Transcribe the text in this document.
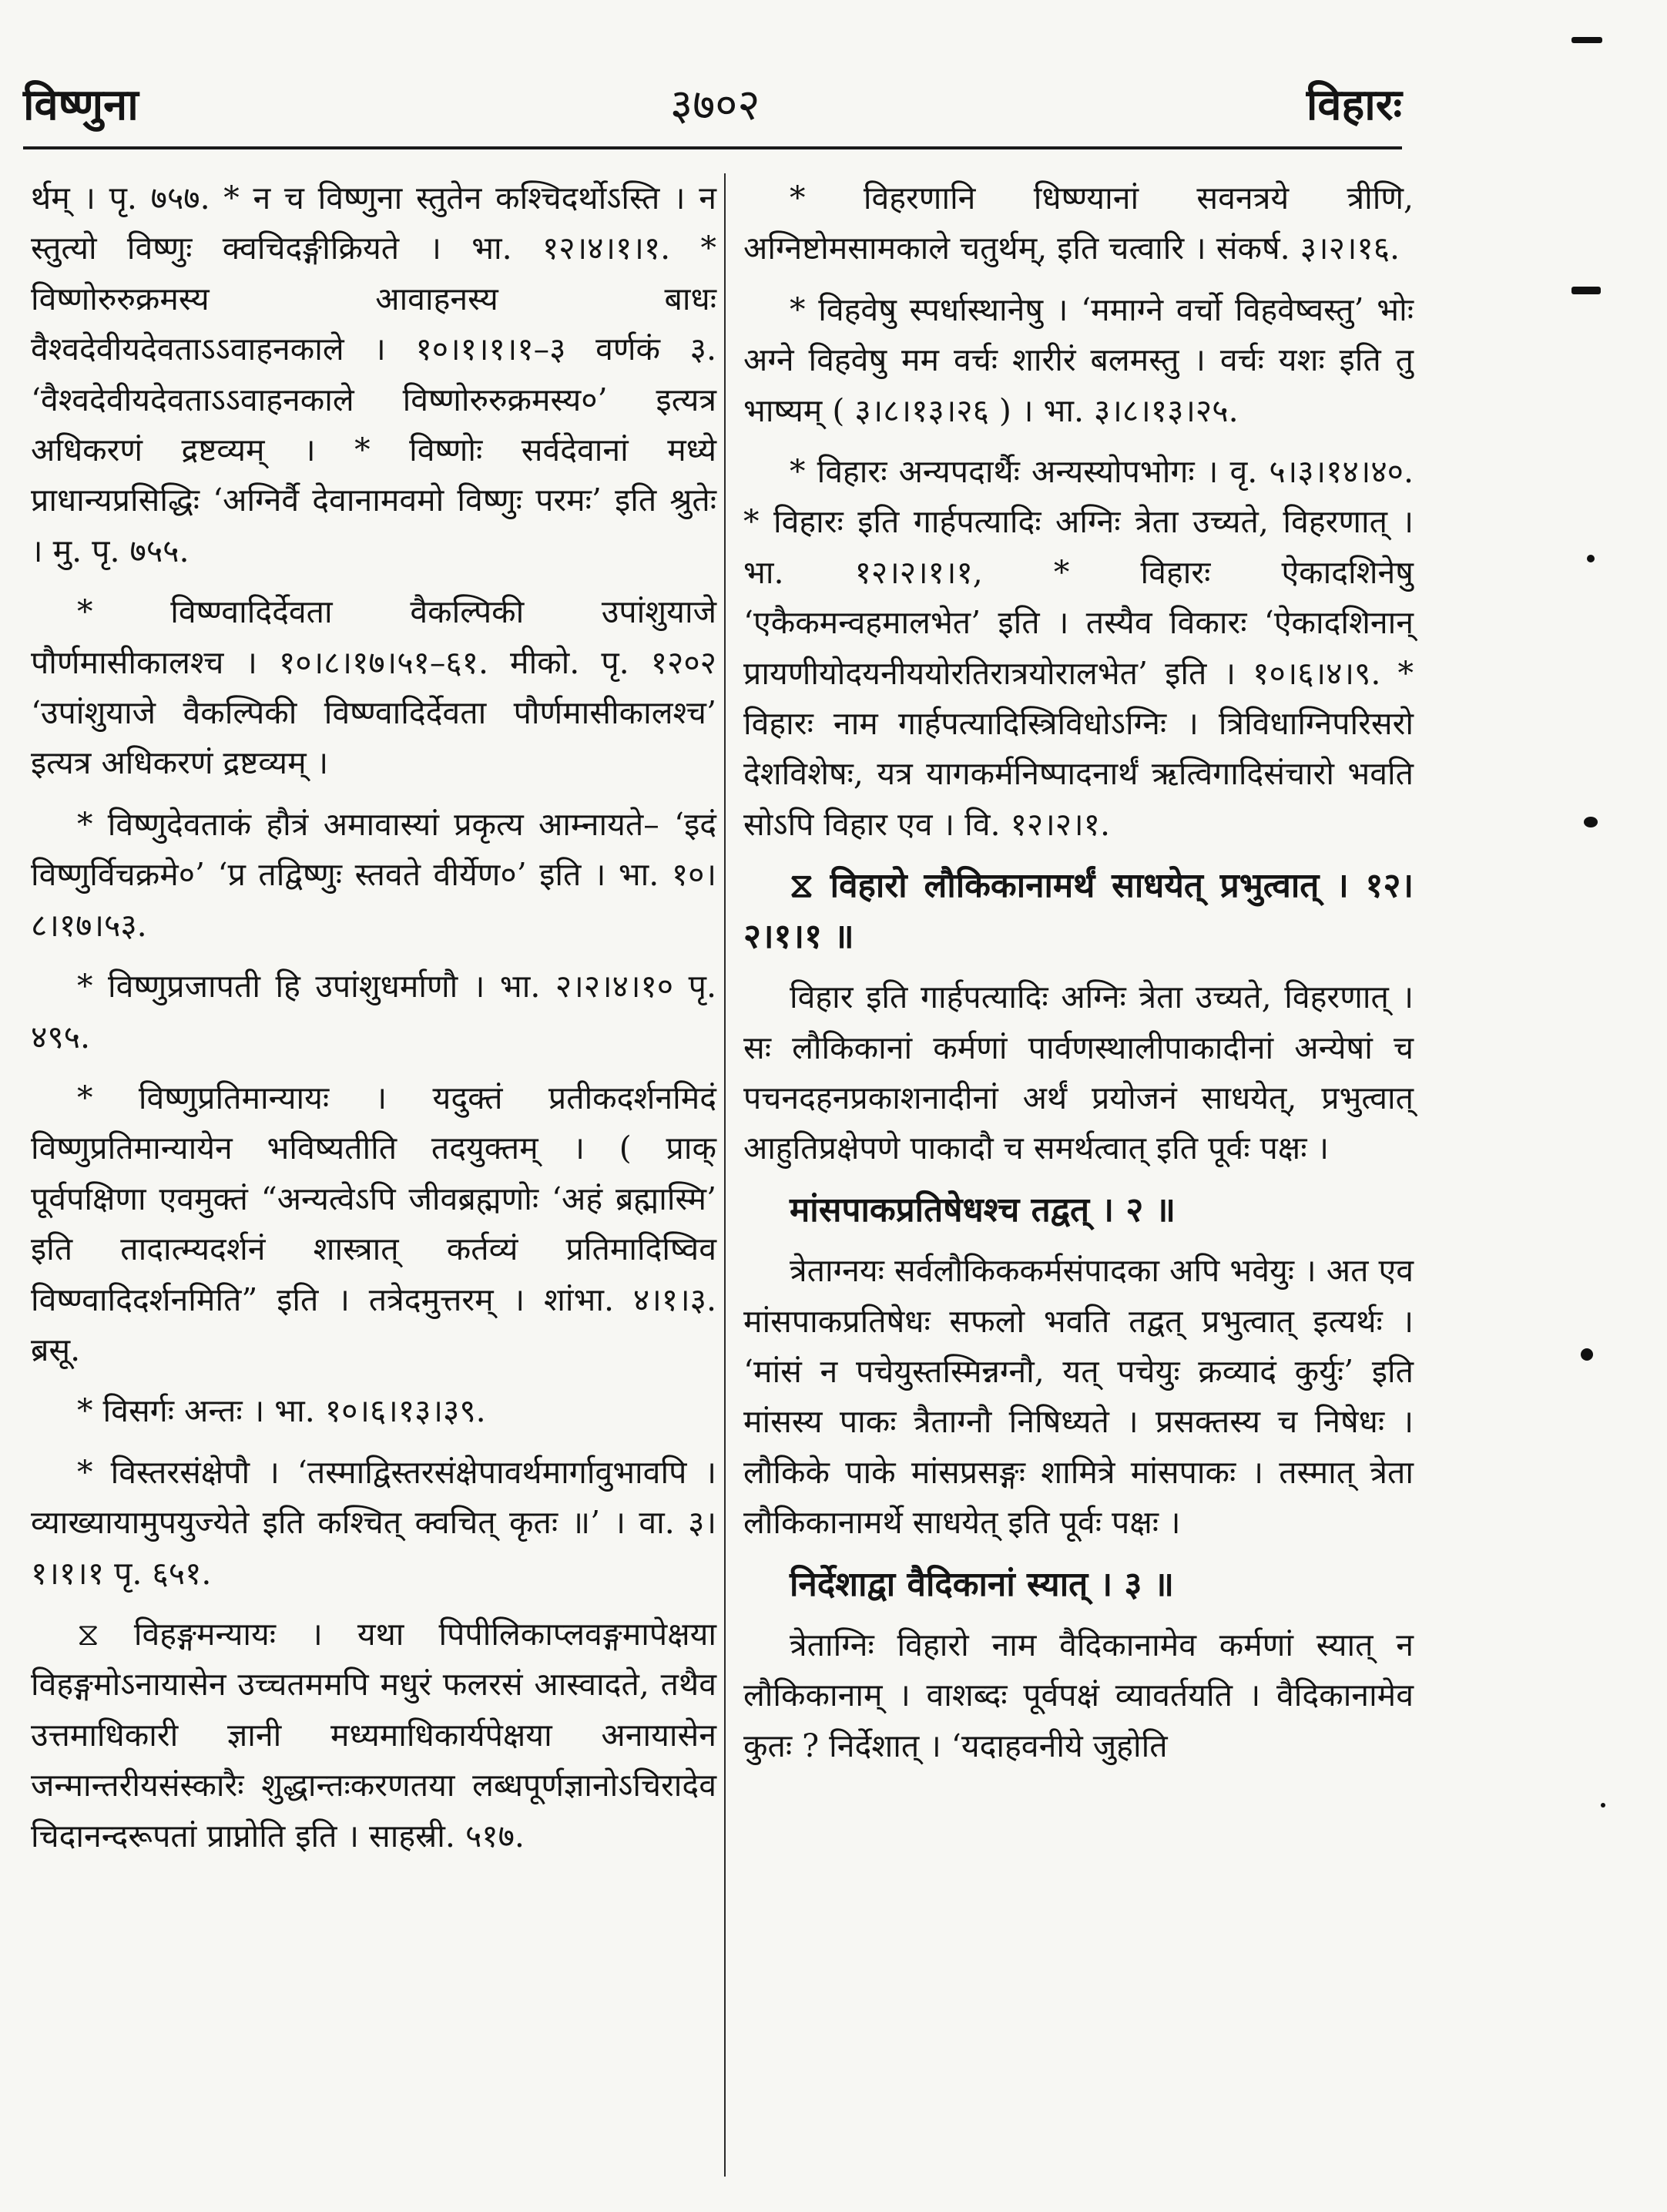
विष्णुना	३७०२	विहारः

र्थम् । पृ. ७५७. * न च विष्णुना स्तुतेन कश्चिदर्थोऽस्ति । न स्तुत्यो विष्णुः क्वचिदङ्गीक्रियते । भा. १२।४।१।१. * विष्णोरुरुक्रमस्य आवाहनस्य बाधः वैश्वदेवीयदेवताऽऽवाहनकाले । १०।१।१।१–३ वर्णकं ३. ‘वैश्वदेवीयदेवताऽऽवाहनकाले विष्णोरुरुक्रमस्य०’ इत्यत्र अधिकरणं द्रष्टव्यम् । * विष्णोः सर्वदेवानां मध्ये प्राधान्यप्रसिद्धिः ‘अग्निर्वै देवानामवमो विष्णुः परमः’ इति श्रुतेः । मु. पृ. ७५५.

* विष्ण्वादिर्देवता वैकल्पिकी उपांशुयाजे पौर्णमासीकालश्च । १०।८।१७।५१–६१. मीको. पृ. १२०२ ‘उपांशुयाजे वैकल्पिकी विष्ण्वादिर्देवता पौर्णमासीकालश्च’ इत्यत्र अधिकरणं द्रष्टव्यम् ।

* विष्णुदेवताकं हौत्रं अमावास्यां प्रकृत्य आम्नायते– ‘इदं विष्णुर्विचक्रमे०’ ‘प्र तद्विष्णुः स्तवते वीर्येण०’ इति । भा. १०।८।१७।५३.

* विष्णुप्रजापती हि उपांशुधर्माणौ । भा. २।२।४।१० पृ. ४९५.

* विष्णुप्रतिमान्यायः । यदुक्तं प्रतीकदर्शनमिदं विष्णुप्रतिमान्यायेन भविष्यतीति तदयुक्तम् । ( प्राक् पूर्वपक्षिणा एवमुक्तं “अन्यत्वेऽपि जीवब्रह्मणोः ‘अहं ब्रह्मास्मि’ इति तादात्म्यदर्शनं शास्त्रात् कर्तव्यं प्रतिमादिष्विव विष्ण्वादिदर्शनमिति” इति । तत्रेदमुत्तरम् । शांभा. ४।१।३. ब्रसू.

* विसर्गः अन्तः । भा. १०।६।१३।३९.

* विस्तरसंक्षेपौ । ‘तस्माद्विस्तरसंक्षेपावर्थमार्गावुभावपि । व्याख्यायामुपयुज्येते इति कश्चित् क्वचित् कृतः ॥’ । वा. ३।१।१।१ पृ. ६५१.

⧖ विहङ्गमन्यायः । यथा पिपीलिकाप्लवङ्गमापेक्षया विहङ्गमोऽनायासेन उच्चतममपि मधुरं फलरसं आस्वादते, तथैव उत्तमाधिकारी ज्ञानी मध्यमाधिकार्यपेक्षया अनायासेन जन्मान्तरीयसंस्कारैः शुद्धान्तःकरणतया लब्धपूर्णज्ञानोऽचिरादेव चिदानन्दरूपतां प्राप्नोति इति । साहस्री. ५१७.

* विहरणानि धिष्ण्यानां सवनत्रये त्रीणि, अग्निष्टोमसामकाले चतुर्थम्, इति चत्वारि । संकर्ष. ३।२।१६.

* विहवेषु स्पर्धास्थानेषु । ‘ममाग्ने वर्चो विहवेष्वस्तु’ भोः अग्ने विहवेषु मम वर्चः शारीरं बलमस्तु । वर्चः यशः इति तु भाष्यम् ( ३।८।१३।२६ ) । भा. ३।८।१३।२५.

* विहारः अन्यपदार्थैः अन्यस्योपभोगः । वृ. ५।३।१४।४०. * विहारः इति गार्हपत्यादिः अग्निः त्रेता उच्यते, विहरणात् । भा. १२।२।१।१, * विहारः ऐकादशिनेषु ‘एकैकमन्वहमालभेत’ इति । तस्यैव विकारः ‘ऐकादशिनान् प्रायणीयोदयनीययोरतिरात्रयोरालभेत’ इति । १०।६।४।९. * विहारः नाम गार्हपत्यादिस्त्रिविधोऽग्निः । त्रिविधाग्निपरिसरो देशविशेषः, यत्र यागकर्मनिष्पादनार्थं ऋत्विगादिसंचारो भवति सोऽपि विहार एव । वि. १२।२।१.

⧖ विहारो लौकिकानामर्थं साधयेत् प्रभुत्वात् । १२।२।१।१ ॥

विहार इति गार्हपत्यादिः अग्निः त्रेता उच्यते, विहरणात् । सः लौकिकानां कर्मणां पार्वणस्थालीपाकादीनां अन्येषां च पचनदहनप्रकाशनादीनां अर्थं प्रयोजनं साधयेत्, प्रभुत्वात् आहुतिप्रक्षेपणे पाकादौ च समर्थत्वात् इति पूर्वः पक्षः ।

मांसपाकप्रतिषेधश्च तद्वत् । २ ॥

त्रेताग्नयः सर्वलौकिककर्मसंपादका अपि भवेयुः । अत एव मांसपाकप्रतिषेधः सफलो भवति तद्वत् प्रभुत्वात् इत्यर्थः । ‘मांसं न पचेयुस्तस्मिन्नग्नौ, यत् पचेयुः क्रव्यादं कुर्युः’ इति मांसस्य पाकः त्रैताग्नौ निषिध्यते । प्रसक्तस्य च निषेधः । लौकिके पाके मांसप्रसङ्गः शामित्रे मांसपाकः । तस्मात् त्रेता लौकिकानामर्थे साधयेत् इति पूर्वः पक्षः ।

निर्देशाद्वा वैदिकानां स्यात् । ३ ॥

त्रेताग्निः विहारो नाम वैदिकानामेव कर्मणां स्यात् न लौकिकानाम् । वाशब्दः पूर्वपक्षं व्यावर्तयति । वैदिकानामेव कुतः ? निर्देशात् । ‘यदाहवनीये जुहोति
